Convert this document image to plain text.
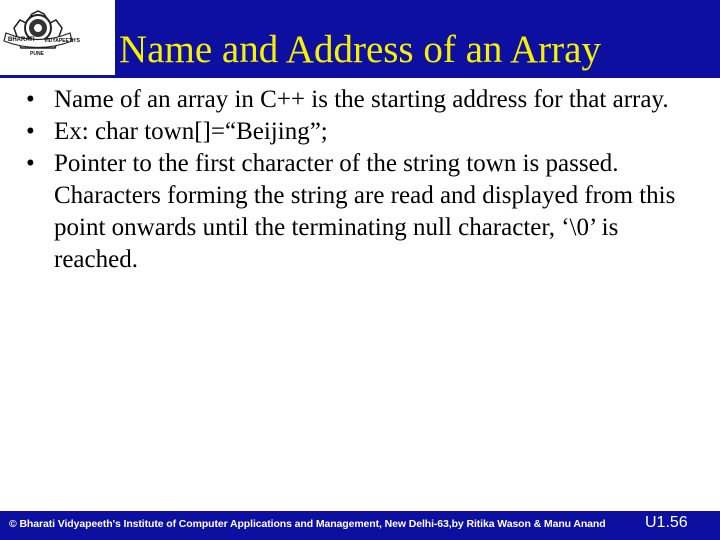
BHARATI VIDYAPEETH'S
PUNE	Name and Address of an Array

• Name of an array in C++ is the starting address for that array.

• Ex: char town[]=“Beijing”;

• Pointer to the first character of the string town is passed. Characters forming the string are read and displayed from this point onwards until the terminating null character, ‘\0’ is reached.

© Bharati Vidyapeeth's Institute of Computer Applications and Management, New Delhi-63,by Ritika Wason & Manu Anand U1.56
